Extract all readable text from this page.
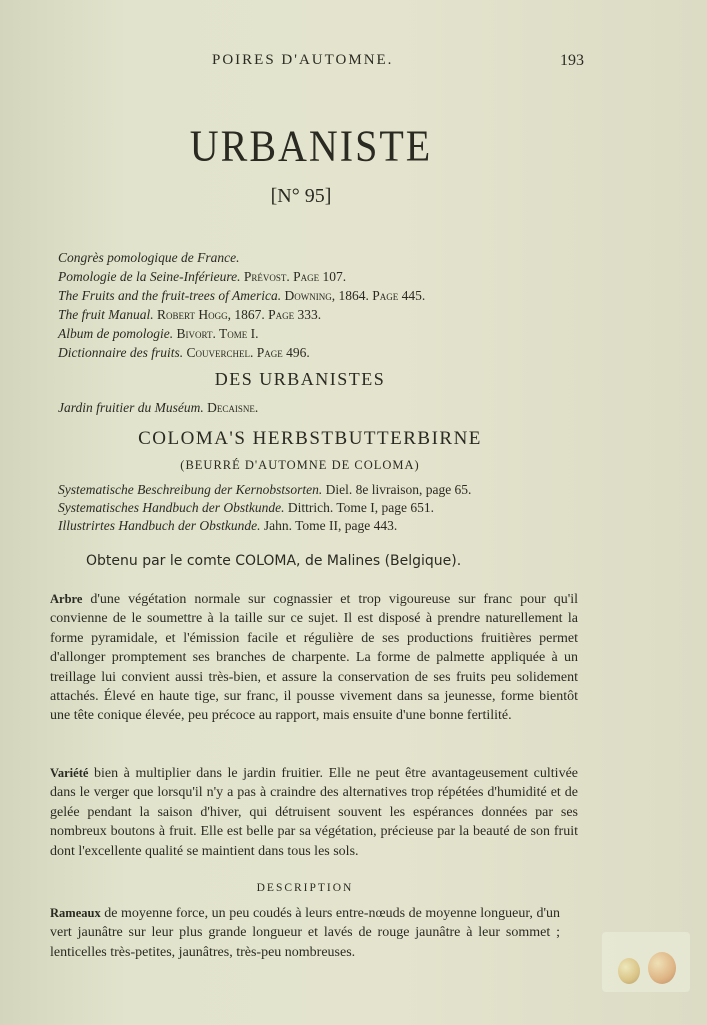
POIRES D'AUTOMNE.	193
URBANISTE
[N° 95]
Congrès pomologique de France.
Pomologie de la Seine-Inférieure. Prévost. Page 107.
The Fruits and the fruit-trees of America. Downing, 1864. Page 445.
The fruit Manual. Robert Hogg, 1867. Page 333.
Album de pomologie. Bivort. Tome I.
Dictionnaire des fruits. Couverchel. Page 496.
DES URBANISTES
Jardin fruitier du Muséum. Decaisne.
COLOMA'S HERBSTBUTTERBIRNE
(BEURRÉ D'AUTOMNE DE COLOMA)
Systematische Beschreibung der Kernobstsorten. Diel. 8e livraison, page 65.
Systematisches Handbuch der Obstkunde. Dittrich. Tome I, page 651.
Illustrirtes Handbuch der Obstkunde. Jahn. Tome II, page 443.
Obtenu par le comte COLOMA, de Malines (Belgique).
Arbre d'une végétation normale sur cognassier et trop vigoureuse sur franc pour qu'il convienne de le soumettre à la taille sur ce sujet. Il est disposé à prendre naturellement la forme pyramidale, et l'émission facile et régulière de ses productions fruitières permet d'allonger promptement ses branches de charpente. La forme de palmette appliquée à un treillage lui convient aussi très-bien, et assure la conservation de ses fruits peu solidement attachés. Élevé en haute tige, sur franc, il pousse vivement dans sa jeunesse, forme bientôt une tête conique élevée, peu précoce au rapport, mais ensuite d'une bonne fertilité.
Variété bien à multiplier dans le jardin fruitier. Elle ne peut être avantageusement cultivée dans le verger que lorsqu'il n'y a pas à craindre des alternatives trop répétées d'humidité et de gelée pendant la saison d'hiver, qui détruisent souvent les espérances données par ses nombreux boutons à fruit. Elle est belle par sa végétation, précieuse par la beauté de son fruit dont l'excellente qualité se maintient dans tous les sols.
DESCRIPTION
Rameaux de moyenne force, un peu coudés à leurs entre-nœuds de moyenne longueur, d'un vert jaunâtre sur leur plus grande longueur et lavés de rouge jaunâtre à leur sommet ; lenticelles très-petites, jaunâtres, très-peu nombreuses.
